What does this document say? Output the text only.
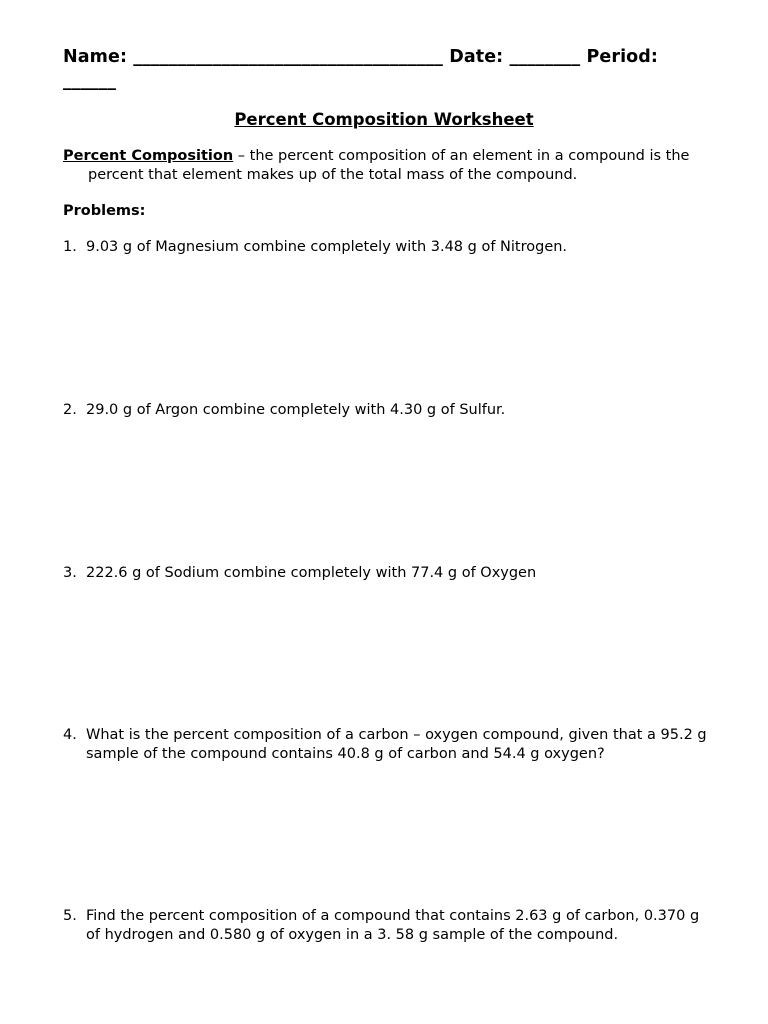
Name: ___________________________________ Date: ________ Period: ______
Percent Composition Worksheet
Percent Composition – the percent composition of an element in a compound is the percent that element makes up of the total mass of the compound.
Problems:
1. 9.03 g of Magnesium combine completely with 3.48 g of Nitrogen.
2. 29.0 g of Argon combine completely with 4.30 g of Sulfur.
3. 222.6 g of Sodium combine completely with 77.4 g of Oxygen
4. What is the percent composition of a carbon – oxygen compound, given that a 95.2 g sample of the compound contains 40.8 g of carbon and 54.4 g oxygen?
5. Find the percent composition of a compound that contains 2.63 g of carbon, 0.370 g of hydrogen and 0.580 g of oxygen in a 3. 58 g sample of the compound.
